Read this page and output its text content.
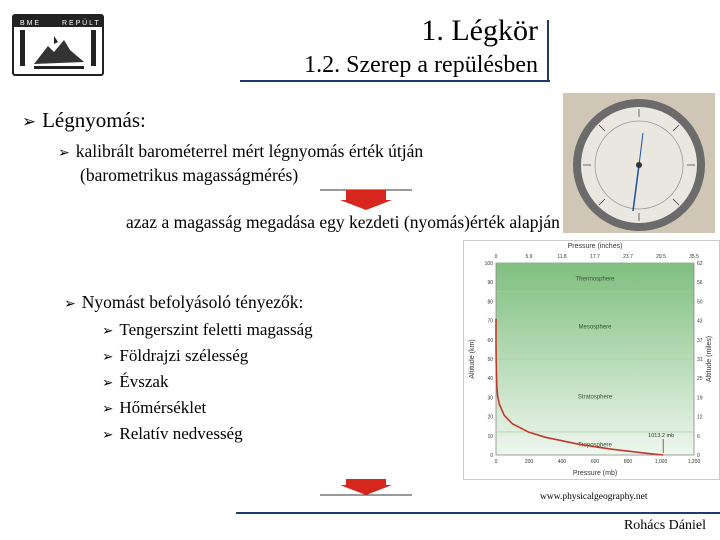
B M E	R E P Ü L T	1. Légkör
1.2. Szerep a repülésben
➢ Légnyomás:
➢ kalibrált barométerrel mért légnyomás érték útján
(barometrikus magasságmérés)
azaz a magasság megadása egy kezdeti (nyomás)érték alapján
➢ Nyomást befolyásoló tényezők:
➢ Tengerszint feletti magasság
➢ Földrajzi szélesség
➢ Évszak
➢ Hőmérséklet
➢ Relatív nedvesség
Thermosphere
Mesosphere
Stratosphere
Troposphere
Pressure (inches)
0	5.9	11.8	17.7	23.7	29.5	35.5
0	200	400	600	800	1,000	1,200
Pressure (mb)
0
10
20
30
40
50
60
70
80
90
100
0
6
12
19
25
31
37
43
50
56
62
Altitude (km)	Altitude (miles)
1013.2 mb
www.physicalgeography.net
Rohács Dániel
